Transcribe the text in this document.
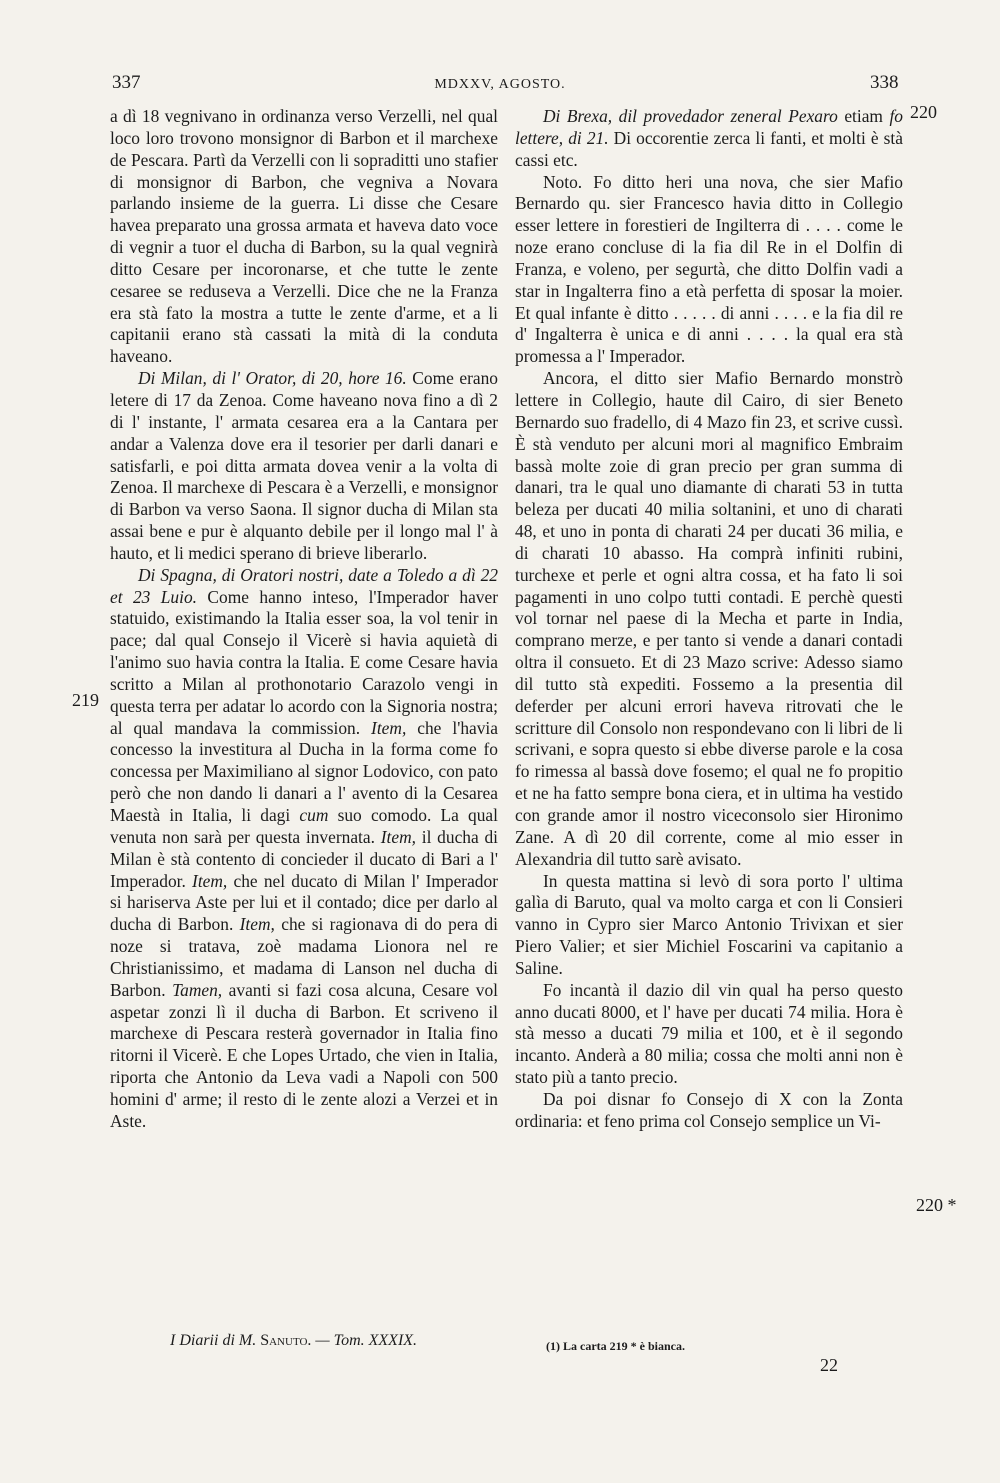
337	MDXXV, AGOSTO.	338
219
220
220 *

a dì 18 vegnivano in ordinanza verso Verzelli, nel qual loco loro trovono monsignor di Barbon et il marchexe de Pescara. Partì da Verzelli con li sopraditti uno stafier di monsignor di Barbon, che vegniva a Novara parlando insieme de la guerra. Li disse che Cesare havea preparato una grossa armata et haveva dato voce di vegnir a tuor el ducha di Barbon, su la qual vegnirà ditto Cesare per incoronarse, et che tutte le zente cesaree se reduseva a Verzelli. Dice che ne la Franza era stà fato la mostra a tutte le zente d'arme, et a li capitanii erano stà cassati la mità di la conduta haveano.

Di Milan, di l' Orator, di 20, hore 16. Come erano letere di 17 da Zenoa. Come haveano nova fino a dì 2 di l' instante, l' armata cesarea era a la Cantara per andar a Valenza dove era il tesorier per darli danari e satisfarli, e poi ditta armata dovea venir a la volta di Zenoa. Il marchexe di Pescara è a Verzelli, e monsignor di Barbon va verso Saona. Il signor ducha di Milan sta assai bene e pur è alquanto debile per il longo mal l' à hauto, et li medici sperano di brieve liberarlo.

Di Spagna, di Oratori nostri, date a Toledo a dì 22 et 23 Luio. Come hanno inteso, l'Imperador haver statuido, existimando la Italia esser soa, la vol tenir in pace; dal qual Consejo il Vicerè si havia aquietà di l'animo suo havia contra la Italia. E come Cesare havia scritto a Milan al prothonotario Carazolo vengi in questa terra per adatar lo acordo con la Signoria nostra; al qual mandava la commission. Item, che l'havia concesso la investitura al Ducha in la forma come fo concessa per Maximiliano al signor Lodovico, con pato però che non dando li danari a l' avento di la Cesarea Maestà in Italia, li dagi cum suo comodo. La qual venuta non sarà per questa invernata. Item, il ducha di Milan è stà contento di concieder il ducato di Bari a l' Imperador. Item, che nel ducato di Milan l' Imperador si hariserva Aste per lui et il contado; dice per darlo al ducha di Barbon. Item, che si ragionava di do pera di noze si tratava, zoè madama Lionora nel re Christianissimo, et madama di Lanson nel ducha di Barbon. Tamen, avanti si fazi cosa alcuna, Cesare vol aspetar zonzi lì il ducha di Barbon. Et scriveno il marchexe di Pescara resterà governador in Italia fino ritorni il Vicerè. E che Lopes Urtado, che vien in Italia, riporta che Antonio da Leva vadi a Napoli con 500 homini d' arme; il resto di le zente alozi a Verzei et in Aste.

Di Brexa, dil provedador zeneral Pexaro etiam fo lettere, di 21. Di occorentie zerca li fanti, et molti è stà cassi etc.

Noto. Fo ditto heri una nova, che sier Mafio Bernardo qu. sier Francesco havia ditto in Collegio esser lettere in forestieri de Ingilterra di . . . . come le noze erano concluse di la fia dil Re in el Dolfin di Franza, e voleno, per segurtà, che ditto Dolfin vadi a star in Ingalterra fino a età perfetta di sposar la moier. Et qual infante è ditto . . . . . di anni . . . . e la fia dil re d' Ingalterra è unica e di anni . . . . la qual era stà promessa a l' Imperador.

Ancora, el ditto sier Mafio Bernardo monstrò lettere in Collegio, haute dil Cairo, di sier Beneto Bernardo suo fradello, di 4 Mazo fin 23, et scrive cussì. È stà venduto per alcuni mori al magnifico Embraim bassà molte zoie di gran precio per gran summa di danari, tra le qual uno diamante di charati 53 in tutta beleza per ducati 40 milia soltanini, et uno di charati 48, et uno in ponta di charati 24 per ducati 36 milia, e di charati 10 abasso. Ha comprà infiniti rubini, turchexe et perle et ogni altra cossa, et ha fato li soi pagamenti in uno colpo tutti contadi. E perchè questi vol tornar nel paese di la Mecha et parte in India, comprano merze, e per tanto si vende a danari contadi oltra il consueto. Et di 23 Mazo scrive: Adesso siamo dil tutto stà expediti. Fossemo a la presentia dil deferder per alcuni errori haveva ritrovati che le scritture dil Consolo non respondevano con li libri de li scrivani, e sopra questo si ebbe diverse parole e la cosa fo rimessa al bassà dove fosemo; el qual ne fo propitio et ne ha fatto sempre bona ciera, et in ultima ha vestido con grande amor il nostro viceconsolo sier Hironimo Zane. A dì 20 dil corrente, come al mio esser in Alexandria dil tutto sarè avisato.

In questa mattina si levò di sora porto l' ultima galìa di Baruto, qual va molto carga et con li Consieri vanno in Cypro sier Marco Antonio Trivixan et sier Piero Valier; et sier Michiel Foscarini va capitanio a Saline.

Fo incantà il dazio dil vin qual ha perso questo anno ducati 8000, et l' have per ducati 74 milia. Hora è stà messo a ducati 79 milia et 100, et è il segondo incanto. Anderà a 80 milia; cossa che molti anni non è stato più a tanto precio.

Da poi disnar fo Consejo di X con la Zonta ordinaria: et feno prima col Consejo semplice un Vi-

I Diarii di M. Sanuto. — Tom. XXXIX.	(1) La carta 219 * è bianca.
22
